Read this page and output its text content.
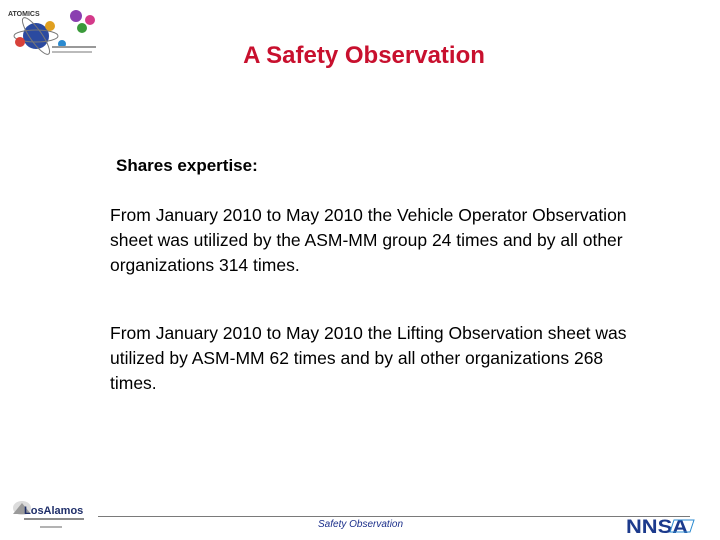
ATOMICS
A Safety Observation
Shares expertise:
From January 2010 to May 2010 the Vehicle Operator Observation sheet was utilized by the ASM-MM group 24 times and by all other organizations 314 times.
From January 2010 to May 2010 the Lifting Observation sheet was utilized by ASM-MM 62 times and by all other organizations 268 times.
LosAlamos
Safety Observation	NNSA
